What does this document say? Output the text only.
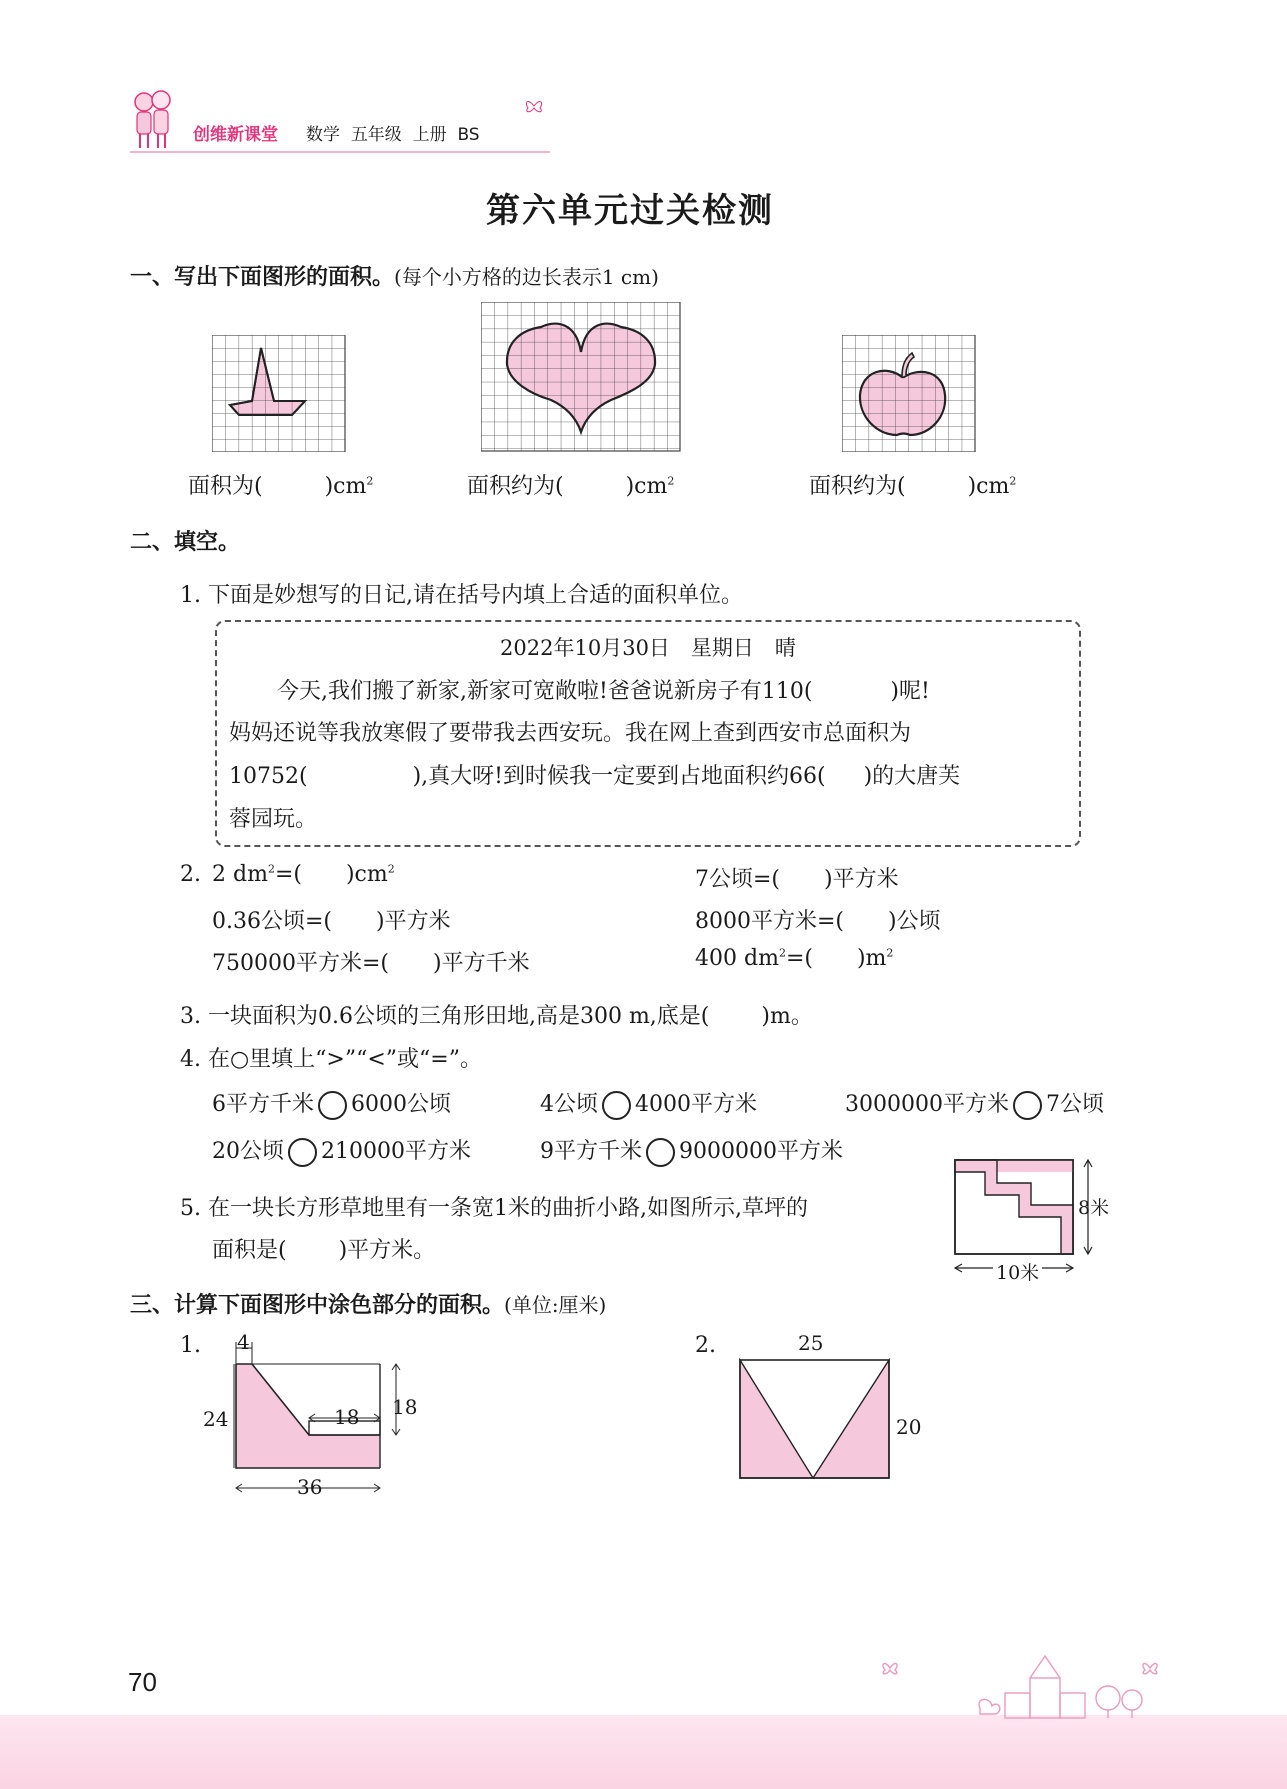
创维新课堂 数学 五年级 上册 BS
第六单元过关检测
一、写出下面图形的面积。(每个小方格的边长表示1 cm)
面积为(	)$cm^2$	面积约为(	)$cm^2$	面积约为(	)$cm^2$
二、填空。
1. 下面是妙想写的日记,请在括号内填上合适的面积单位。
2022年10月30日　星期日　晴
今天,我们搬了新家,新家可宽敞啦!爸爸说新房子有110(	)呢!
妈妈还说等我放寒假了要带我去西安玩。我在网上查到西安市总面积为
10752(	),真大呀!到时候我一定要到占地面积约66( )的大唐芙
蓉园玩。
2. 2 $dm^2=$( )$cm^2$	7公顷=( )平方米
0.36公顷=( )平方米	8000平方米=( )公顷
750000平方米=( )平方千米	400 $dm^2=$( )$m^2$
3. 一块面积为0.6公顷的三角形田地,高是300 m,底是( )m。
4. 在○里填上“>”“<”或“=”。
6平方千米 6000公顷	4公顷 4000平方米	3000000平方米 7公顷
20公顷 210000平方米	9平方千米 9000000平方米
5. 在一块长方形草地里有一条宽1米的曲折小路,如图所示,草坪的
面积是( )平方米。
8米
10米
三、计算下面图形中涂色部分的面积。(单位:厘米)
1. 4
24	18 18
36
2.	25
20
70
